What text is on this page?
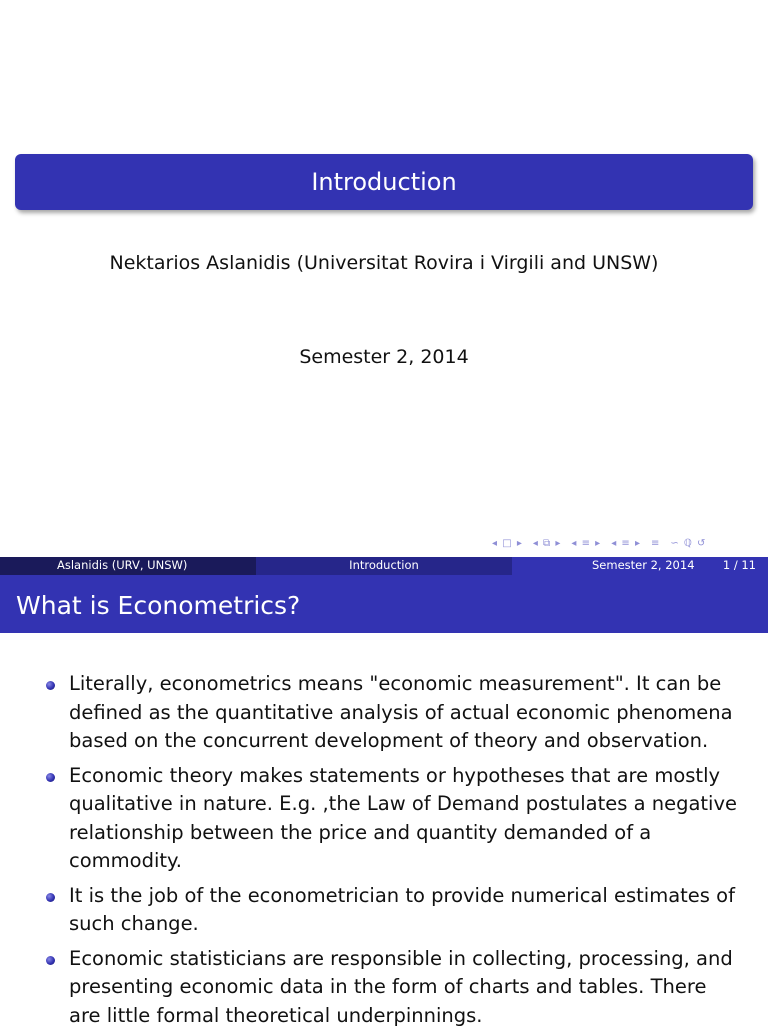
Introduction
Nektarios Aslanidis (Universitat Rovira i Virgili and UNSW)
Semester 2, 2014
◂ □ ▸ ◂ ⧉ ▸ ◂ ≡ ▸ ◂ ≡ ▸ ≡ ∽ ℚ ↺
Aslanidis (URV, UNSW)	Introduction	Semester 2, 2014 1 / 11
What is Econometrics?
Literally, econometrics means "economic measurement". It can be defined as the quantitative analysis of actual economic phenomena based on the concurrent development of theory and observation.
Economic theory makes statements or hypotheses that are mostly qualitative in nature. E.g. ,the Law of Demand postulates a negative relationship between the price and quantity demanded of a commodity.
It is the job of the econometrician to provide numerical estimates of such change.
Economic statisticians are responsible in collecting, processing, and presenting economic data in the form of charts and tables. There are little formal theoretical underpinnings.
